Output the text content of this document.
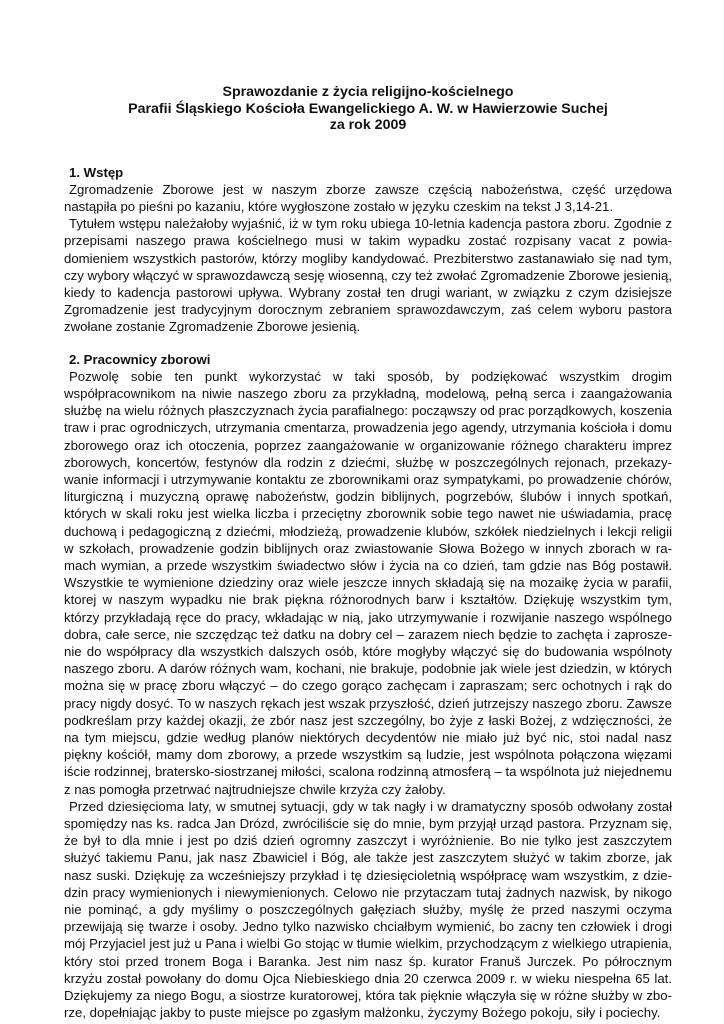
Sprawozdanie z życia religijno-kościelnego
Parafii Śląskiego Kościoła Ewangelickiego A. W. w Hawierzowie Suchej
za rok 2009
1. Wstęp

Zgromadzenie Zborowe jest w naszym zborze zawsze częścią nabożeństwa, część urzędowa nastąpiła po pieśni po kazaniu, które wygłoszone zostało w języku czeskim na tekst J 3,14-21.

Tytułem wstępu należałoby wyjaśnić, iż w tym roku ubiega 10-letnia kadencja pastora zboru. Zgodnie z przepisami naszego prawa kościelnego musi w takim wypadku zostać rozpisany vacat z powiadomieniem wszystkich pastorów, którzy mogliby kandydować. Prezbiterstwo zastanawiało się nad tym, czy wybory włączyć w sprawozdawczą sesję wiosenną, czy też zwołać Zgromadzenie Zborowe jesienią, kiedy to kadencja pastorowi upływa. Wybrany został ten drugi wariant, w związku z czym dzisiejsze Zgromadzenie jest tradycyjnym dorocznym zebraniem sprawozdawczym, zaś celem wyboru pastora zwołane zostanie Zgromadzenie Zborowe jesienią.

2. Pracownicy zborowi

Pozwolę sobie ten punkt wykorzystać w taki sposób, by podziękować wszystkim drogim współpracownikom na niwie naszego zboru za przykładną, modelową, pełną serca i zaangażowania służbę na wielu różnych płaszczyznach życia parafialnego: począwszy od prac porządkowych, koszenia traw i prac ogrodniczych, utrzymania cmentarza, prowadzenia jego agendy, utrzymania kościoła i domu zborowego oraz ich otoczenia, poprzez zaangażowanie w organizowanie różnego charakteru imprez zborowych, koncertów, festynów dla rodzin z dziećmi, służbę w poszczególnych rejonach, przekazywanie informacji i utrzymywanie kontaktu ze zborownikami oraz sympatykami, po prowadzenie chórów, liturgiczną i muzyczną oprawę nabożeństw, godzin biblijnych, pogrzebów, ślubów i innych spotkań, których w skali roku jest wielka liczba i przeciętny zborownik sobie tego nawet nie uświadamia, pracę duchową i pedagogiczną z dziećmi, młodzieżą, prowadzenie klubów, szkółek niedzielnych i lekcji religii w szkołach, prowadzenie godzin biblijnych oraz zwiastowanie Słowa Bożego w innych zborach w ramach wymian, a przede wszystkim świadectwo słów i życia na co dzień, tam gdzie nas Bóg postawił. Wszystkie te wymienione dziedziny oraz wiele jeszcze innych składają się na mozaikę życia w parafii, ktorej w naszym wypadku nie brak piękna różnorodnych barw i kształtów. Dziękuję wszystkim tym, którzy przykładają ręce do pracy, wkładając w nią, jako utrzymywanie i rozwijanie naszego wspólnego dobra, całe serce, nie szczędząc też datku na dobry cel – zarazem niech będzie to zachęta i zaproszenie do współpracy dla wszystkich dalszych osób, które mogłyby włączyć się do budowania wspólnoty naszego zboru. A darów różnych wam, kochani, nie brakuje, podobnie jak wiele jest dziedzin, w których można się w pracę zboru włączyć – do czego gorąco zachęcam i zapraszam; serc ochotnych i rąk do pracy nigdy dosyć. To w naszych rękach jest wszak przyszłość, dzień jutrzejszy naszego zboru. Zawsze podkreślam przy każdej okazji, że zbór nasz jest szczególny, bo żyje z łaski Bożej, z wdzięczności, że na tym miejscu, gdzie według planów niektórych decydentów nie miało już być nic, stoi nadal nasz piękny kościół, mamy dom zborowy, a przede wszystkim są ludzie, jest wspólnota połączona więzami iście rodzinnej, bratersko-siostrzanej miłości, scalona rodzinną atmosferą – ta wspólnota już niejednemu z nas pomogła przetrwać najtrudniejsze chwile krzyża czy żałoby.

Przed dziesięcioma laty, w smutnej sytuacji, gdy w tak nagły i w dramatyczny sposób odwołany został spomiędzy nas ks. radca Jan Drózd, zwróciliście się do mnie, bym przyjął urząd pastora. Przyznam się, że był to dla mnie i jest po dziś dzień ogromny zaszczyt i wyróżnienie. Bo nie tylko jest zaszczytem służyć takiemu Panu, jak nasz Zbawiciel i Bóg, ale także jest zaszczytem służyć w takim zborze, jak nasz suski. Dziękuję za wcześniejszy przykład i tę dziesięcioletnią współpracę wam wszystkim, z dziedzin pracy wymienionych i niewymienionych. Celowo nie przytaczam tutaj żadnych nazwisk, by nikogo nie pominąć, a gdy myślimy o poszczególnych gałęziach służby, myślę że przed naszymi oczyma przewijają się twarze i osoby. Jedno tylko nazwisko chciałbym wymienić, bo zacny ten człowiek i drogi mój Przyjaciel jest już u Pana i wielbi Go stojąc w tłumie wielkim, przychodzącym z wielkiego utrapienia, który stoi przed tronem Boga i Baranka. Jest nim nasz śp. kurator Franuš Jurczek. Po półrocznym krzyżu został powołany do domu Ojca Niebieskiego dnia 20 czerwca 2009 r. w wieku niespełna 65 lat. Dziękujemy za niego Bogu, a siostrze kuratorowej, która tak pięknie włączyła się w różne służby w zborze, dopełniając jakby to puste miejsce po zgasłym małżonku, życzymy Bożego pokoju, siły i pociechy.
